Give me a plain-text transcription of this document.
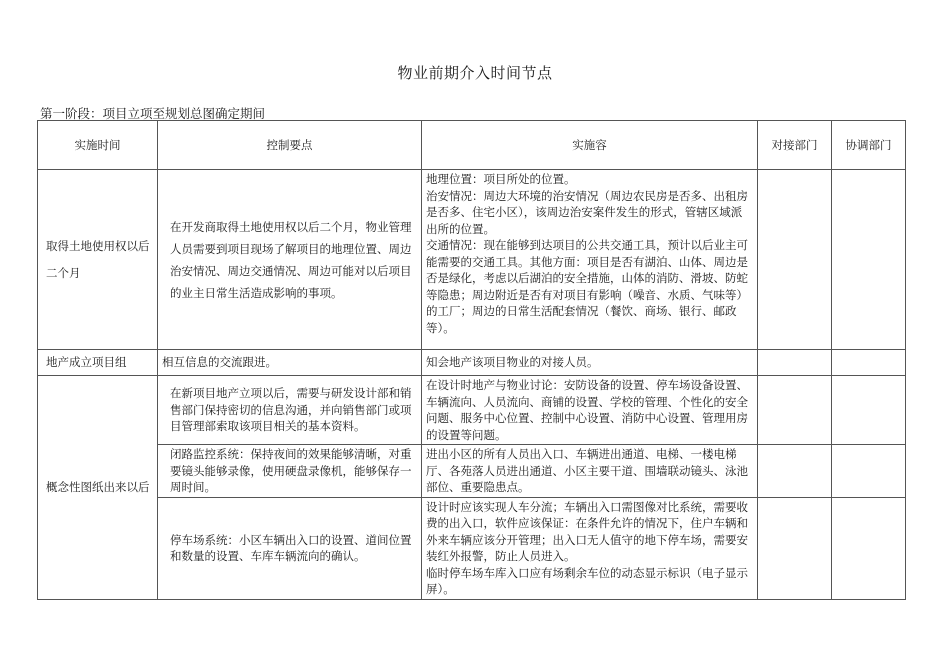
物业前期介入时间节点
第一阶段：项目立项至规划总图确定期间
实施时间	控制要点	实施容	对接部门	协调部门

取得土地使用权以后
二个月	在开发商取得土地使用权以后二个月，物业管理人员需要到项目现场了解项目的地理位置、周边治安情况、周边交通情况、周边可能对以后项目的业主日常生活造成影响的事项。	地理位置：项目所处的位置。
治安情况：周边大环境的治安情况（周边农民房是否多、出租房是否多、住宅小区），该周边治安案件发生的形式，管辖区域派出所的位置。
交通情况：现在能够到达项目的公共交通工具，预计以后业主可能需要的交通工具。其他方面：项目是否有湖泊、山体、周边是否是绿化，考虑以后湖泊的安全措施，山体的消防、滑坡、防蛇等隐患；周边附近是否有对项目有影响（噪音、水质、气味等）的工厂；周边的日常生活配套情况（餐饮、商场、银行、邮政等）。		

地产成立项目组	相互信息的交流跟进。	知会地产该项目物业的对接人员。		
概念性图纸出来以后	在新项目地产立项以后，需要与研发设计部和销售部门保持密切的信息沟通，并向销售部门或项目管理部索取该项目相关的基本资料。	在设计时地产与物业讨论：安防设备的设置、停车场设备设置、车辆流向、人员流向、商铺的设置、学校的管理、个性化的安全问题、服务中心位置、控制中心设置、消防中心设置、管理用房的设置等问题。		
	闭路监控系统：保持夜间的效果能够清晰，对重要镜头能够录像，使用硬盘录像机，能够保存一周时间。	进出小区的所有人员出入口、车辆进出通道、电梯、一楼电梯厅、各苑落人员进出通道、小区主要干道、围墙联动镜头、泳池部位、重要隐患点。		
	停车场系统：小区车辆出入口的设置、道间位置和数量的设置、车库车辆流向的确认。	设计时应该实现人车分流；车辆出入口需图像对比系统，需要收费的出入口，软件应该保证：在条件允许的情况下，住户车辆和外来车辆应该分开管理；出入口无人值守的地下停车场，需要安装红外报警，防止人员进入。
临时停车场车库入口应有场剩余车位的动态显示标识（电子显示屏）。		
